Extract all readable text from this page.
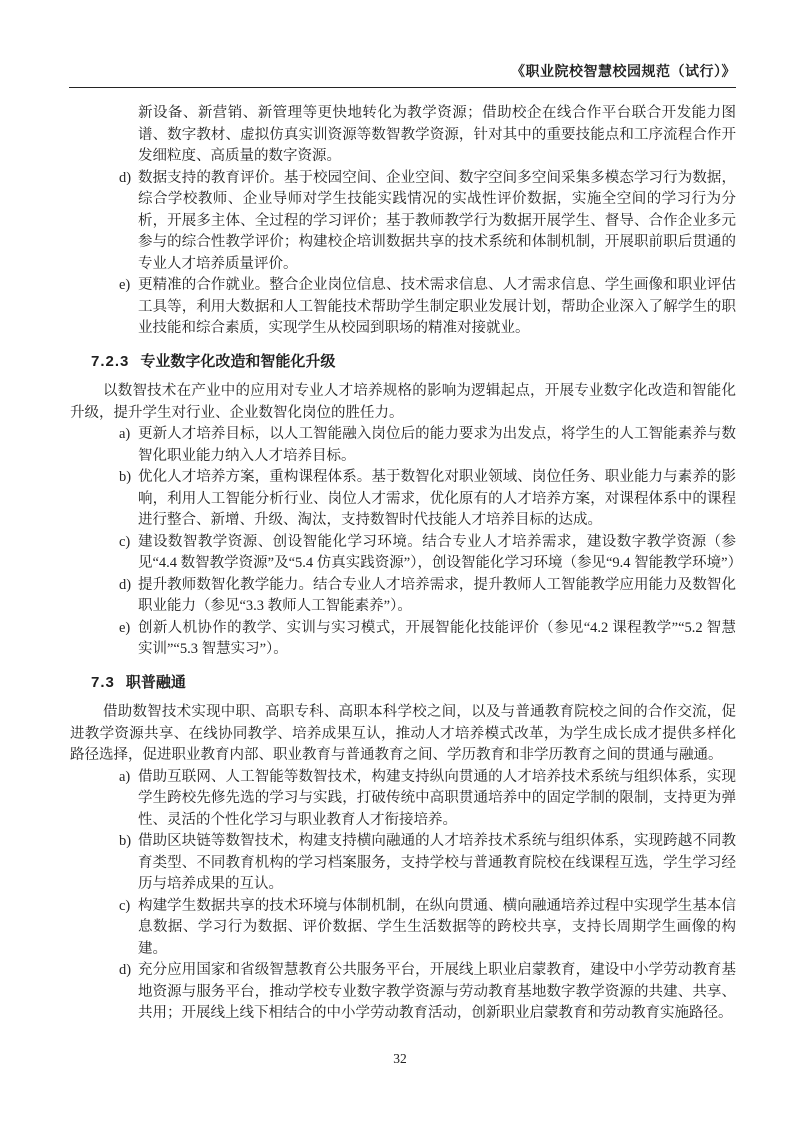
《职业院校智慧校园规范（试行）》

新设备、新营销、新管理等更快地转化为教学资源；借助校企在线合作平台联合开发能力图谱、数字教材、虚拟仿真实训资源等数智教学资源，针对其中的重要技能点和工序流程合作开发细粒度、高质量的数字资源。

d) 数据支持的教育评价。基于校园空间、企业空间、数字空间多空间采集多模态学习行为数据，综合学校教师、企业导师对学生技能实践情况的实战性评价数据，实施全空间的学习行为分析，开展多主体、全过程的学习评价；基于教师教学行为数据开展学生、督导、合作企业多元参与的综合性教学评价；构建校企培训数据共享的技术系统和体制机制，开展职前职后贯通的专业人才培养质量评价。

e) 更精准的合作就业。整合企业岗位信息、技术需求信息、人才需求信息、学生画像和职业评估工具等，利用大数据和人工智能技术帮助学生制定职业发展计划，帮助企业深入了解学生的职业技能和综合素质，实现学生从校园到职场的精准对接就业。

7.2.3 专业数字化改造和智能化升级

以数智技术在产业中的应用对专业人才培养规格的影响为逻辑起点，开展专业数字化改造和智能化升级，提升学生对行业、企业数智化岗位的胜任力。

a) 更新人才培养目标，以人工智能融入岗位后的能力要求为出发点，将学生的人工智能素养与数智化职业能力纳入人才培养目标。

b) 优化人才培养方案，重构课程体系。基于数智化对职业领域、岗位任务、职业能力与素养的影响，利用人工智能分析行业、岗位人才需求，优化原有的人才培养方案，对课程体系中的课程进行整合、新增、升级、淘汰，支持数智时代技能人才培养目标的达成。

c) 建设数智教学资源、创设智能化学习环境。结合专业人才培养需求，建设数字教学资源（参见“4.4 数智教学资源”及“5.4 仿真实践资源”），创设智能化学习环境（参见“9.4 智能教学环境”）

d) 提升教师数智化教学能力。结合专业人才培养需求，提升教师人工智能教学应用能力及数智化职业能力（参见“3.3 教师人工智能素养”）。

e) 创新人机协作的教学、实训与实习模式，开展智能化技能评价（参见“4.2 课程教学”“5.2 智慧实训”“5.3 智慧实习”）。

7.3 职普融通

借助数智技术实现中职、高职专科、高职本科学校之间，以及与普通教育院校之间的合作交流，促进教学资源共享、在线协同教学、培养成果互认，推动人才培养模式改革，为学生成长成才提供多样化路径选择，促进职业教育内部、职业教育与普通教育之间、学历教育和非学历教育之间的贯通与融通。

a) 借助互联网、人工智能等数智技术，构建支持纵向贯通的人才培养技术系统与组织体系，实现学生跨校先修先选的学习与实践，打破传统中高职贯通培养中的固定学制的限制，支持更为弹性、灵活的个性化学习与职业教育人才衔接培养。

b) 借助区块链等数智技术，构建支持横向融通的人才培养技术系统与组织体系，实现跨越不同教育类型、不同教育机构的学习档案服务，支持学校与普通教育院校在线课程互选，学生学习经历与培养成果的互认。

c) 构建学生数据共享的技术环境与体制机制，在纵向贯通、横向融通培养过程中实现学生基本信息数据、学习行为数据、评价数据、学生生活数据等的跨校共享，支持长周期学生画像的构建。

d) 充分应用国家和省级智慧教育公共服务平台，开展线上职业启蒙教育，建设中小学劳动教育基地资源与服务平台，推动学校专业数字教学资源与劳动教育基地数字教学资源的共建、共享、共用；开展线上线下相结合的中小学劳动教育活动，创新职业启蒙教育和劳动教育实施路径。

32
